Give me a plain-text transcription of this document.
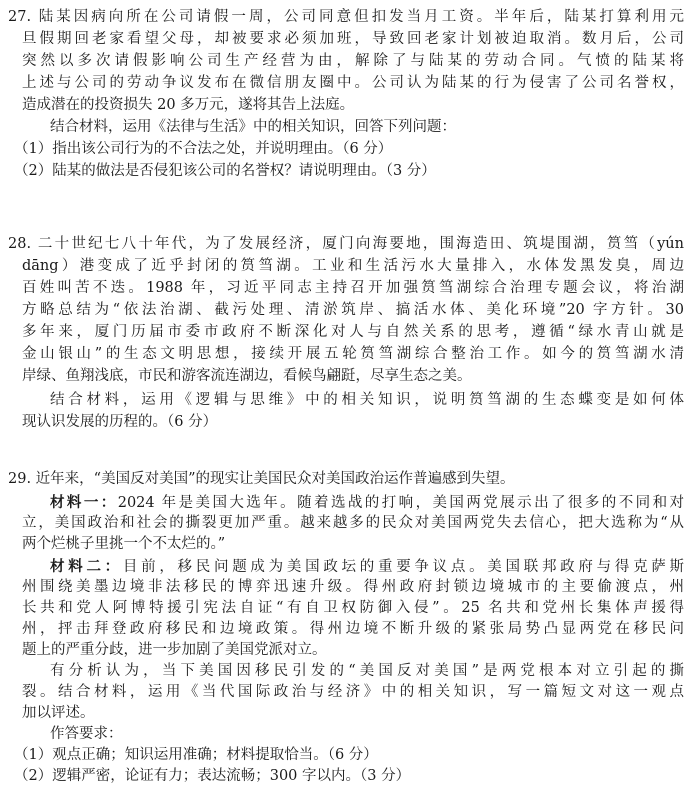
27. 陆某因病向所在公司请假一周，公司同意但扣发当月工资。半年后，陆某打算利用元
旦假期回老家看望父母，却被要求必须加班，导致回老家计划被迫取消。数月后，公司
突然以多次请假影响公司生产经营为由，解除了与陆某的劳动合同。气愤的陆某将
上述与公司的劳动争议发布在微信朋友圈中。公司认为陆某的行为侵害了公司名誉权，
造成潜在的投资损失 20 多万元，遂将其告上法庭。
结合材料，运用《法律与生活》中的相关知识，回答下列问题：
（1）指出该公司行为的不合法之处，并说明理由。（6 分）
（2）陆某的做法是否侵犯该公司的名誉权？请说明理由。（3 分）
28. 二十世纪七八十年代，为了发展经济，厦门向海要地，围海造田、筑堤围湖，筼筜（yún
dāng）港变成了近乎封闭的筼筜湖。工业和生活污水大量排入，水体发黑发臭，周边
百姓叫苦不迭。1988 年，习近平同志主持召开加强筼筜湖综合治理专题会议，将治湖
方略总结为“依法治湖、截污处理、清淤筑岸、搞活水体、美化环境”20 字方针。30
多年来，厦门历届市委市政府不断深化对人与自然关系的思考，遵循“绿水青山就是
金山银山”的生态文明思想，接续开展五轮筼筜湖综合整治工作。如今的筼筜湖水清
岸绿、鱼翔浅底，市民和游客流连湖边，看候鸟翩跹，尽享生态之美。
结合材料，运用《逻辑与思维》中的相关知识，说明筼筜湖的生态蝶变是如何体
现认识发展的历程的。（6 分）
29. 近年来，“美国反对美国”的现实让美国民众对美国政治运作普遍感到失望。
材料一：2024 年是美国大选年。随着选战的打响，美国两党展示出了很多的不同和对
立，美国政治和社会的撕裂更加严重。越来越多的民众对美国两党失去信心，把大选称为“从
两个烂桃子里挑一个不太烂的。”
材料二：目前，移民问题成为美国政坛的重要争议点。美国联邦政府与得克萨斯
州围绕美墨边境非法移民的博弈迅速升级。得州政府封锁边境城市的主要偷渡点，州
长共和党人阿博特援引宪法自证“有自卫权防御入侵”。25 名共和党州长集体声援得
州，抨击拜登政府移民和边境政策。得州边境不断升级的紧张局势凸显两党在移民问
题上的严重分歧，进一步加剧了美国党派对立。
有分析认为，当下美国因移民引发的“美国反对美国”是两党根本对立引起的撕
裂。结合材料，运用《当代国际政治与经济》中的相关知识，写一篇短文对这一观点
加以评述。
作答要求：
（1）观点正确；知识运用准确；材料提取恰当。（6 分）
（2）逻辑严密，论证有力；表达流畅；300 字以内。（3 分）
